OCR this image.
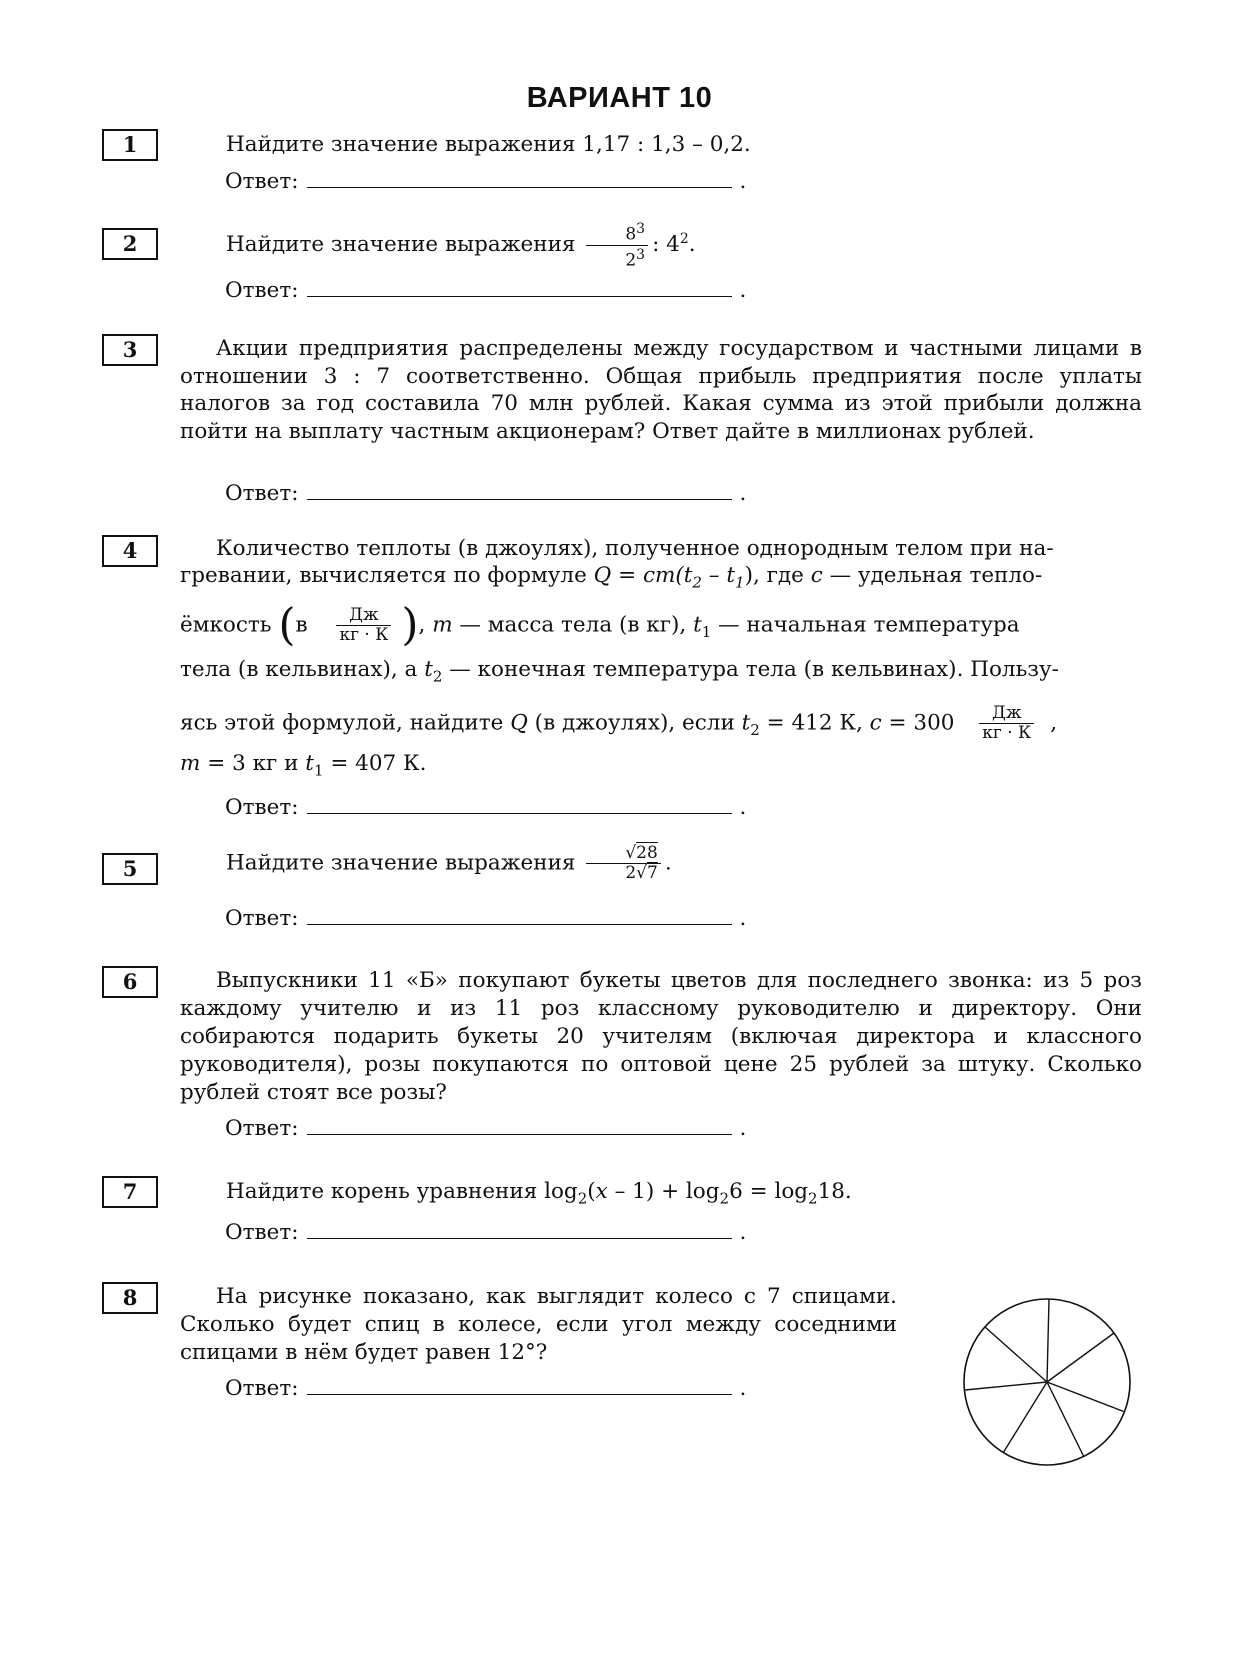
ВАРИАНТ 10
1	Найдите значение выражения 1,17 : 1,3 – 0,2.
Ответ:	.
2	Найдите значение выражения $\frac{8^3}{2^3}$ : $4^2$.
Ответ:	.
3	Акции предприятия распределены между государством и частными лицами в отношении 3 : 7 соответственно. Общая прибыль предприятия после уплаты налогов за год составила 70 млн рублей. Какая сумма из этой прибыли должна пойти на выплату частным акционерам? Ответ дайте в миллионах рублей.
Ответ:	.
4	Количество теплоты (в джоулях), полученное однородным телом при на-
гревании, вычисляется по формуле $Q = cm(t_2 - t_1)$, где c — удельная тепло-
ёмкость ($в \frac{Дж}{кг \cdot К}$ ), m — масса тела (в кг), $t_1$ — начальная температура
тела (в кельвинах), а $t_2$ — конечная температура тела (в кельвинах). Пользу-
ясь этой формулой, найдите Q (в джоулях), если $t_2 = 412$ К, $c = 300 \frac{Дж}{кг \cdot К}$ ,
m = 3 кг и $t_1 = 407$ К.
Ответ:	.
5	Найдите значение выражения $\frac{√28}{2√7}$ .
Ответ:	.
6	Выпускники 11 «Б» покупают букеты цветов для последнего звонка: из 5 роз каждому учителю и из 11 роз классному руководителю и директору. Они собираются подарить букеты 20 учителям (включая директора и классного руководителя), розы покупаются по оптовой цене 25 рублей за штуку. Сколько рублей стоят все розы?
Ответ:	.
7	Найдите корень уравнения $\log_2(x - 1) + \log_26 = \log_218$.
Ответ:	.
8	На рисунке показано, как выглядит колесо с 7 спицами. Сколько будет спиц в колесе, если угол между соседними спицами в нём будет равен 12°?
Ответ:	.
